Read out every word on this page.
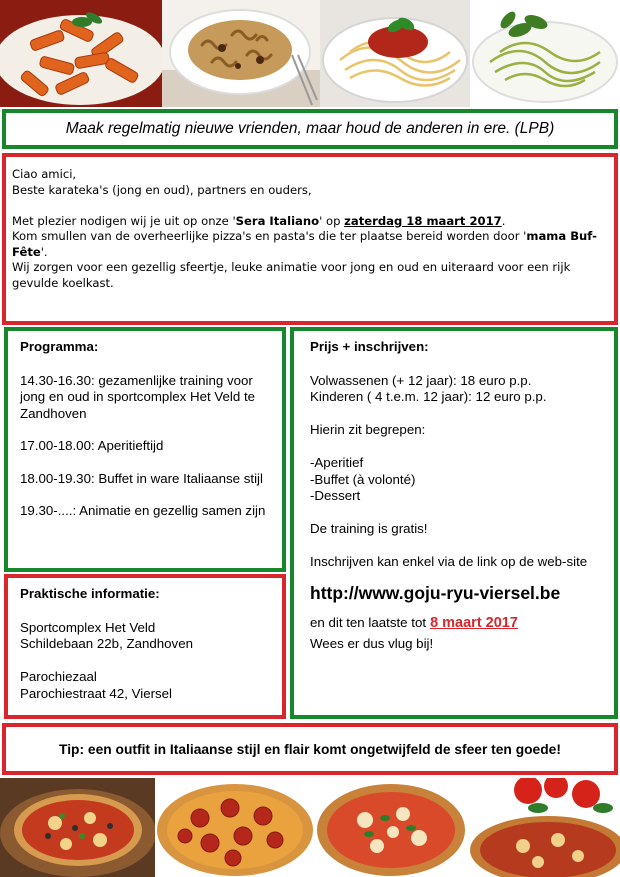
Maak regelmatig nieuwe vrienden, maar houd de anderen in ere. (LPB)

Ciao amici,

Beste karateka's (jong en oud), partners en ouders,

Met plezier nodigen wij je uit op onze 'Sera Italiano' op zaterdag 18 maart 2017.

Kom smullen van de overheerlijke pizza's en pasta's die ter plaatse bereid worden door 'mama Buf-Fête'.

Wij zorgen voor een gezellig sfeertje, leuke animatie voor jong en oud en uiteraard voor een rijk gevulde koelkast.

Programma:
14.30-16.30: gezamenlijke training voor jong en oud in sportcomplex Het Veld te Zandhoven
17.00-18.00: Aperitieftijd
18.00-19.30: Buffet in ware Italiaanse stijl
19.30-....: Animatie en gezellig samen zijn
Praktische informatie:
Sportcomplex Het Veld
Schildebaan 22b, Zandhoven
Parochiezaal
Parochiestraat 42, Viersel
Prijs + inschrijven:
Volwassenen (+ 12 jaar): 18 euro p.p.
Kinderen ( 4 t.e.m. 12 jaar): 12 euro p.p.
Hierin zit begrepen:
-Aperitief
-Buffet (à volonté)
-Dessert
De training is gratis!
Inschrijven kan enkel via de link op de web-site
http://www.goju-ryu-viersel.be
en dit ten laatste tot 8 maart 2017
Wees er dus vlug bij!
Tip: een outfit in Italiaanse stijl en flair komt ongetwijfeld de sfeer ten goede!
